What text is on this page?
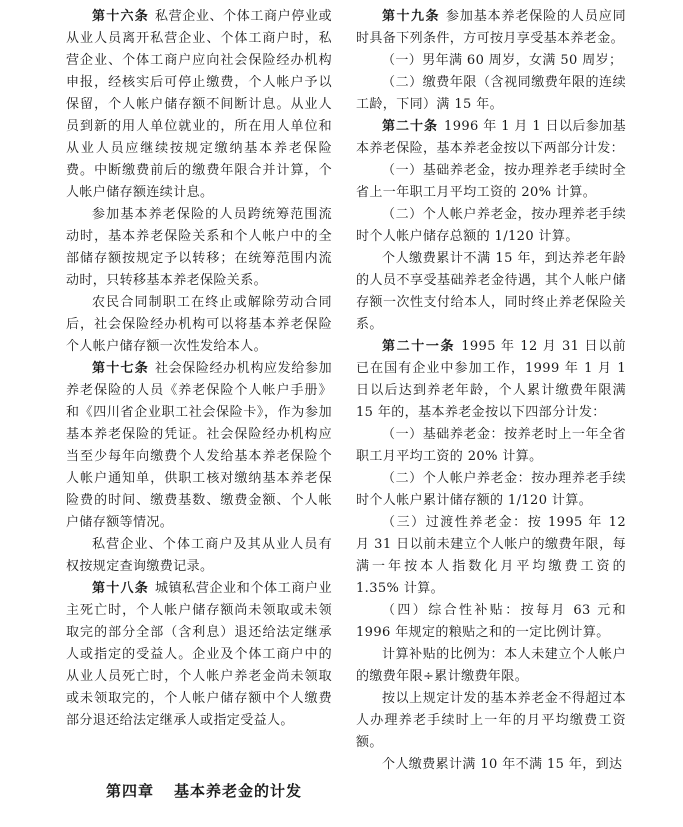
第十六条 私营企业、个体工商户停业或从业人员离开私营企业、个体工商户时，私营企业、个体工商户应向社会保险经办机构申报，经核实后可停止缴费，个人帐户予以保留，个人帐户储存额不间断计息。从业人员到新的用人单位就业的，所在用人单位和从业人员应继续按规定缴纳基本养老保险费。中断缴费前后的缴费年限合并计算，个人帐户储存额连续计息。

参加基本养老保险的人员跨统筹范围流动时，基本养老保险关系和个人帐户中的全部储存额按规定予以转移；在统筹范围内流动时，只转移基本养老保险关系。

农民合同制职工在终止或解除劳动合同后，社会保险经办机构可以将基本养老保险个人帐户储存额一次性发给本人。

第十七条 社会保险经办机构应发给参加养老保险的人员《养老保险个人帐户手册》和《四川省企业职工社会保险卡》，作为参加基本养老保险的凭证。社会保险经办机构应当至少每年向缴费个人发给基本养老保险个人帐户通知单，供职工核对缴纳基本养老保险费的时间、缴费基数、缴费金额、个人帐户储存额等情况。

私营企业、个体工商户及其从业人员有权按规定查询缴费记录。

第十八条 城镇私营企业和个体工商户业主死亡时，个人帐户储存额尚未领取或未领取完的部分全部（含利息）退还给法定继承人或指定的受益人。企业及个体工商户中的从业人员死亡时，个人帐户养老金尚未领取或未领取完的，个人帐户储存额中个人缴费部分退还给法定继承人或指定受益人。

第四章 基本养老金的计发

第十九条 参加基本养老保险的人员应同时具备下列条件，方可按月享受基本养老金。

（一）男年满 60 周岁，女满 50 周岁；

（二）缴费年限（含视同缴费年限的连续工龄，下同）满 15 年。

第二十条 1996 年 1 月 1 日以后参加基本养老保险，基本养老金按以下两部分计发：

（一）基础养老金，按办理养老手续时全省上一年职工月平均工资的 20% 计算。

（二）个人帐户养老金，按办理养老手续时个人帐户储存总额的 1/120 计算。

个人缴费累计不满 15 年，到达养老年龄的人员不享受基础养老金待遇，其个人帐户储存额一次性支付给本人，同时终止养老保险关系。

第二十一条 1995 年 12 月 31 日以前已在国有企业中参加工作，1999 年 1 月 1 日以后达到养老年龄，个人累计缴费年限满 15 年的，基本养老金按以下四部分计发：

（一）基础养老金：按养老时上一年全省职工月平均工资的 20% 计算。

（二）个人帐户养老金：按办理养老手续时个人帐户累计储存额的 1/120 计算。

（三）过渡性养老金：按 1995 年 12 月 31 日以前未建立个人帐户的缴费年限，每满一年按本人指数化月平均缴费工资的 1.35% 计算。

（四）综合性补贴：按每月 63 元和 1996 年规定的粮贴之和的一定比例计算。

计算补贴的比例为：本人未建立个人帐户的缴费年限÷累计缴费年限。

按以上规定计发的基本养老金不得超过本人办理养老手续时上一年的月平均缴费工资额。

个人缴费累计满 10 年不满 15 年，到达
